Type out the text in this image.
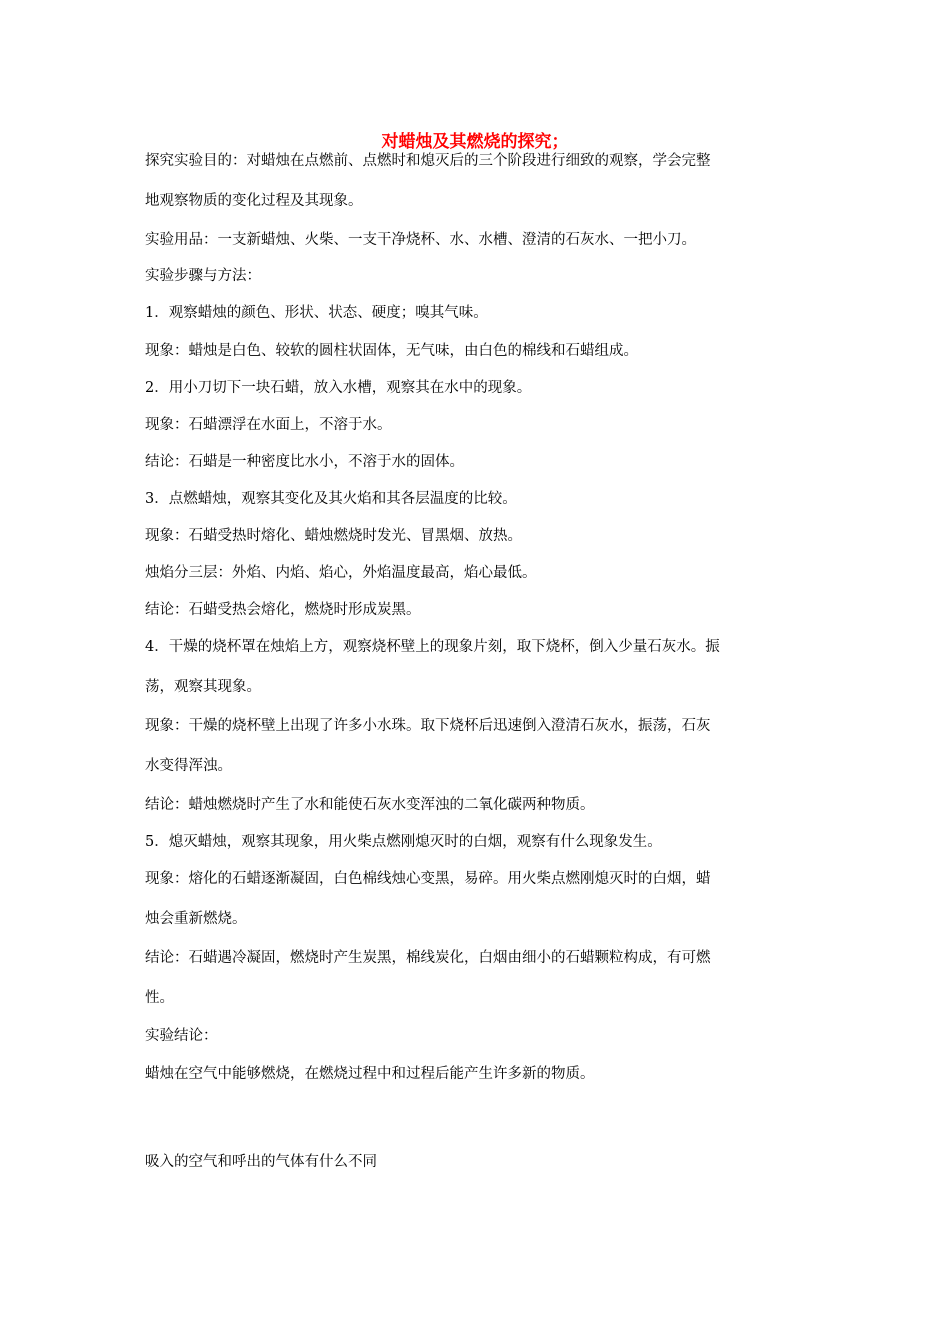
对蜡烛及其燃烧的探究；

探究实验目的：对蜡烛在点燃前、点燃时和熄灭后的三个阶段进行细致的观察，学会完整

地观察物质的变化过程及其现象。

实验用品：一支新蜡烛、火柴、一支干净烧杯、水、水槽、澄清的石灰水、一把小刀。

实验步骤与方法：

1．观察蜡烛的颜色、形状、状态、硬度；嗅其气味。

现象：蜡烛是白色、较软的圆柱状固体，无气味，由白色的棉线和石蜡组成。

2．用小刀切下一块石蜡，放入水槽，观察其在水中的现象。

现象：石蜡漂浮在水面上，不溶于水。

结论：石蜡是一种密度比水小，不溶于水的固体。

3．点燃蜡烛，观察其变化及其火焰和其各层温度的比较。

现象：石蜡受热时熔化、蜡烛燃烧时发光、冒黑烟、放热。

烛焰分三层：外焰、内焰、焰心，外焰温度最高，焰心最低。

结论：石蜡受热会熔化，燃烧时形成炭黑。

4．干燥的烧杯罩在烛焰上方，观察烧杯壁上的现象片刻，取下烧杯，倒入少量石灰水。振

荡，观察其现象。

现象：干燥的烧杯壁上出现了许多小水珠。取下烧杯后迅速倒入澄清石灰水，振荡，石灰

水变得浑浊。

结论：蜡烛燃烧时产生了水和能使石灰水变浑浊的二氧化碳两种物质。

5．熄灭蜡烛，观察其现象，用火柴点燃刚熄灭时的白烟，观察有什么现象发生。

现象：熔化的石蜡逐渐凝固，白色棉线烛心变黑，易碎。用火柴点燃刚熄灭时的白烟，蜡

烛会重新燃烧。

结论：石蜡遇冷凝固，燃烧时产生炭黑，棉线炭化，白烟由细小的石蜡颗粒构成，有可燃

性。

实验结论：

蜡烛在空气中能够燃烧，在燃烧过程中和过程后能产生许多新的物质。

吸入的空气和呼出的气体有什么不同
